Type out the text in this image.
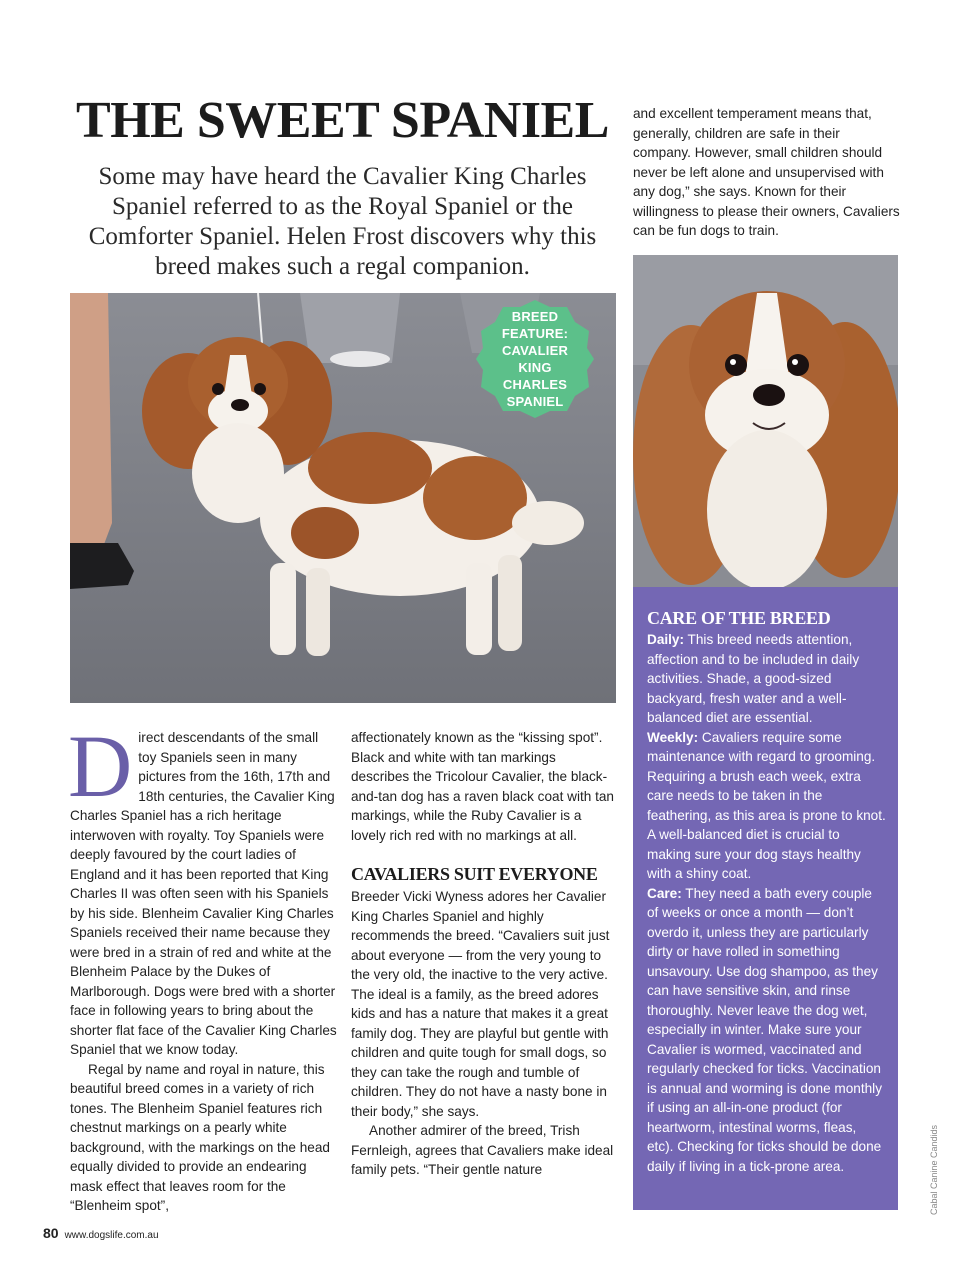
THE SWEET SPANIEL
Some may have heard the Cavalier King Charles Spaniel referred to as the Royal Spaniel or the Comforter Spaniel. Helen Frost discovers why this breed makes such a regal companion.
BREED FEATURE: CAVALIER KING CHARLES SPANIEL

Direct descendants of the small toy Spaniels seen in many pictures from the 16th, 17th and 18th centuries, the Cavalier King Charles Spaniel has a rich heritage interwoven with royalty. Toy Spaniels were deeply favoured by the court ladies of England and it has been reported that King Charles II was often seen with his Spaniels by his side. Blenheim Cavalier King Charles Spaniels received their name because they were bred in a strain of red and white at the Blenheim Palace by the Dukes of Marlborough. Dogs were bred with a shorter face in following years to bring about the shorter flat face of the Cavalier King Charles Spaniel that we know today.

Regal by name and royal in nature, this beautiful breed comes in a variety of rich tones. The Blenheim Spaniel features rich chestnut markings on a pearly white background, with the markings on the head equally divided to provide an endearing mask effect that leaves room for the “Blenheim spot”,

affectionately known as the “kissing spot”. Black and white with tan markings describes the Tricolour Cavalier, the black-and-tan dog has a raven black coat with tan markings, while the Ruby Cavalier is a lovely rich red with no markings at all.

CAVALIERS SUIT EVERYONE

Breeder Vicki Wyness adores her Cavalier King Charles Spaniel and highly recommends the breed. “Cavaliers suit just about everyone — from the very young to the very old, the inactive to the very active. The ideal is a family, as the breed adores kids and has a nature that makes it a great family dog. They are playful but gentle with children and quite tough for small dogs, so they can take the rough and tumble of children. They do not have a nasty bone in their body,” she says.

Another admirer of the breed, Trish Fernleigh, agrees that Cavaliers make ideal family pets. “Their gentle nature

and excellent temperament means that, generally, children are safe in their company. However, small children should never be left alone and unsupervised with any dog,” she says. Known for their willingness to please their owners, Cavaliers can be fun dogs to train.

CARE OF THE BREED
Daily: This breed needs attention, affection and to be included in daily activities. Shade, a good-sized backyard, fresh water and a well-balanced diet are essential.
Weekly: Cavaliers require some maintenance with regard to grooming. Requiring a brush each week, extra care needs to be taken in the feathering, as this area is prone to knot. A well-balanced diet is crucial to making sure your dog stays healthy with a shiny coat.
Care: They need a bath every couple of weeks or once a month — don’t overdo it, unless they are particularly dirty or have rolled in something unsavoury. Use dog shampoo, as they can have sensitive skin, and rinse thoroughly. Never leave the dog wet, especially in winter. Make sure your Cavalier is wormed, vaccinated and regularly checked for ticks. Vaccination is annual and worming is done monthly if using an all-in-one product (for heartworm, intestinal worms, fleas, etc). Checking for ticks should be done daily if living in a tick-prone area.	Cabal Canine Candids
80 www.dogslife.com.au
